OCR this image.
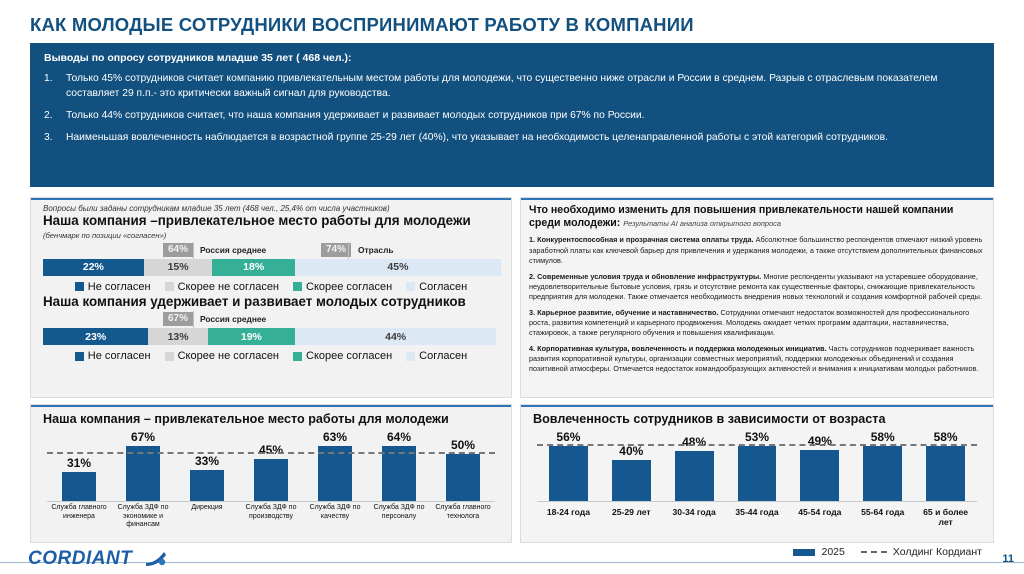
КАК МОЛОДЫЕ СОТРУДНИКИ ВОСПРИНИМАЮТ РАБОТУ В КОМПАНИИ
Выводы по опросу сотрудников младше 35 лет ( 468 чел.):
1.	Только 45% сотрудников считает компанию привлекательным местом работы для молодежи, что существенно ниже отрасли и России в среднем. Разрыв с отраслевым показателем составляет 29 п.п.- это критически важный сигнал для руководства.
2.	Только 44% сотрудников считает, что наша компания удерживает и развивает молодых сотрудников при 67% по России.
3.	Наименьшая вовлеченность наблюдается в возрастной группе 25-29 лет (40%), что указывает на необходимость целенаправленной работы с этой категорий сотрудников.
Вопросы были заданы сотрудникам младше 35 лет (468 чел., 25,4% от числа участников)
Наша компания –привлекательное место работы для молодежи
(бенчмарк по позиции «согласен»)
64%	Россия среднее	74%	Отрасль
22%	15%	18%	45%
Не согласен Скорее не согласен Скорее согласен Согласен
Наша компания удерживает и развивает молодых сотрудников
67%	Россия среднее
23%	13%	19%	44%
Не согласен Скорее не согласен Скорее согласен Согласен
Что необходимо изменить для повышения привлекательности нашей компании среди молодежи: Результаты AI анализа открытого вопроса
1. Конкурентоспособная и прозрачная система оплаты труда. Абсолютное большинство респондентов отмечают низкий уровень заработной платы как ключевой барьер для привлечения и удержания молодежи, а также отсутствием дополнительных финансовых стимулов.
2. Современные условия труда и обновление инфраструктуры. Многие респонденты указывают на устаревшее оборудование, неудовлетворительные бытовые условия, грязь и отсутствие ремонта как существенные факторы, снижающие привлекательность предприятия для молодежи. Также отмечается необходимость внедрения новых технологий и создания комфортной рабочей среды.
3. Карьерное развитие, обучение и наставничество. Сотрудники отмечают недостаток возможностей для профессионального роста, развития компетенций и карьерного продвижения. Молодежь ожидает четких программ адаптации, наставничества, стажировок, а также регулярного обучения и повышения квалификации.
4. Корпоративная культура, вовлеченность и поддержка молодежных инициатив. Часть сотрудников подчеркивает важность развития корпоративной культуры, организации совместных мероприятий, поддержки молодежных объединений и создания позитивной атмосферы. Отмечается недостаток командообразующих активностей и внимания к инициативам молодых работников.
Наша компания – привлекательное место работы для молодежи
31%
67%
33%
45%
63%	64%
50%
Служба главного инженера
Служба ЗДФ по экономике и финансам
Дирекция	Служба ЗДФ по производству
Служба ЗДФ по качеству
Служба ЗДФ по персоналу
Служба главного технолога
Вовлеченность сотрудников в зависимости от возраста
56%
40%
48%	53%	49%	58%	58%
18-24 года	25-29 лет	30-34 года	35-44 года	45-54 года	55-64 года	65 и более лет
CORDIANT	2025	Холдинг Кордиант
11
